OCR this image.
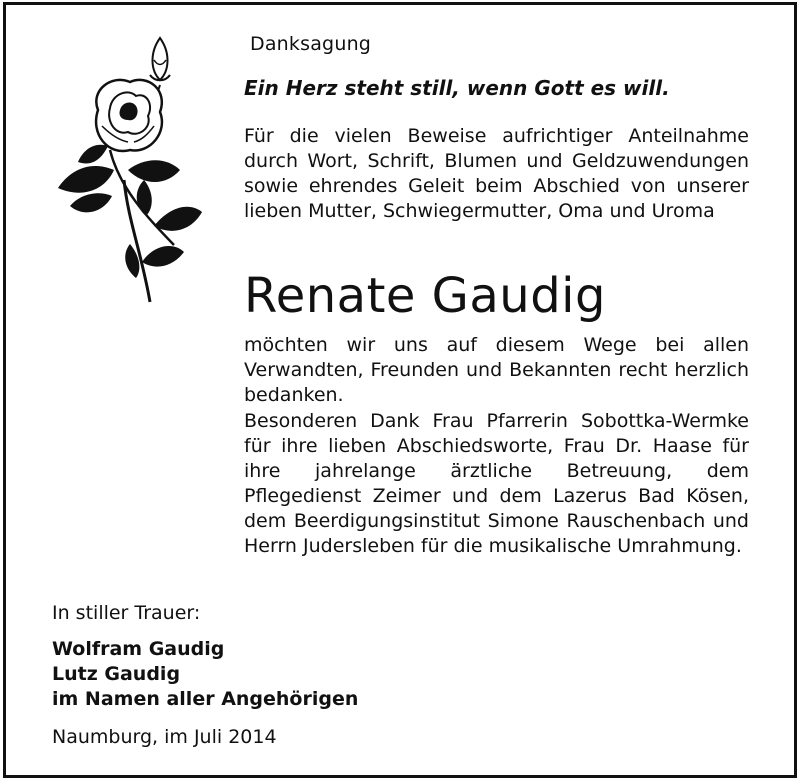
Danksagung
Ein Herz steht still, wenn Gott es will.
Für die vielen Beweise aufrichtiger Anteilnahme durch Wort, Schrift, Blumen und Geldzuwendungen sowie ehrendes Geleit beim Abschied von unserer lieben Mutter, Schwiegermutter, Oma und Uroma
Renate Gaudig
möchten wir uns auf diesem Wege bei allen Verwandten, Freunden und Bekannten recht herzlich bedanken.
Besonderen Dank Frau Pfarrerin Sobottka-Wermke für ihre lieben Abschiedsworte, Frau Dr. Haase für ihre jahrelange ärztliche Betreuung, dem Pflegedienst Zeimer und dem Lazerus Bad Kösen, dem Beerdigungsinstitut Simone Rauschenbach und Herrn Judersleben für die musikalische Umrahmung.
In stiller Trauer:
Wolfram Gaudig
Lutz Gaudig
im Namen aller Angehörigen
Naumburg, im Juli 2014
